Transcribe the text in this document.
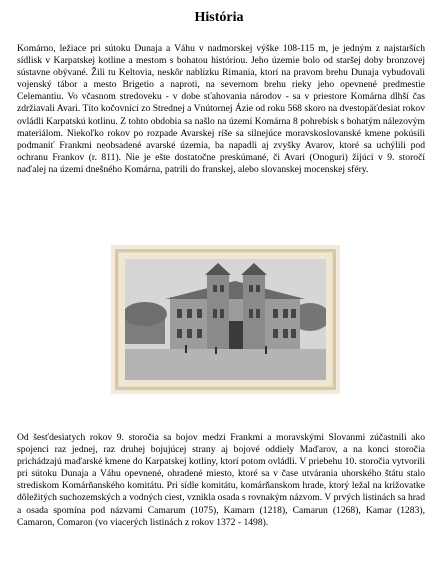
História
Komárno, ležiace pri sútoku Dunaja a Váhu v nadmorskej výške 108-115 m, je jedným z najstarších sídlisk v Karpatskej kotline a mestom s bohatou históriou. Jeho územie bolo od staršej doby bronzovej sústavne obývané. Žili tu Keltovia, neskôr nablízku Rimania, ktorí na pravom brehu Dunaja vybudovali vojenský tábor a mesto Brigetio a naproti, na severnom brehu rieky jeho opevnené predmestie Celemantiu. Vo včasnom stredoveku - v dobe sťahovania národov - sa v priestore Komárna dlhší čas zdržiavali Avari. Títo kočovníci zo Strednej a Vnútornej Ázie od roku 568 skoro na dvestopäťdesiat rokov ovládli Karpatskú kotlinu. Z tohto obdobia sa našlo na území Komárna 8 pohrebísk s bohatým nálezovým materiálom. Niekoľko rokov po rozpade Avarskej ríše sa silnejúce moravskoslovanské kmene pokúsili podmaniť Frankmi neobsadené avarské územia, ba napadli aj zvyšky Avarov, ktoré sa uchýlili pod ochranu Frankov (r. 811). Nie je ešte dostatočne preskúmané, či Avari (Onoguri) žijúci v 9. storočí naďalej na území dnešného Komárna, patrili do franskej, alebo slovanskej mocenskej sféry.
Od šesťdesiatych rokov 9. storočia sa bojov medzi Frankmi a moravskými Slovanmi zúčastnili ako spojenci raz jednej, raz druhej bojujúcej strany aj bojové oddiely Maďarov, a na konci storočia prichádzajú maďarské kmene do Karpatskej kotliny, ktorí potom ovládli. V priebehu 10. storočia vytvorili pri sútoku Dunaja a Váhu opevnené, ohradené miesto, ktoré sa v čase utvárania uhorského štátu stalo strediskom Komárňanského komitátu. Pri sídle komitátu, komárňanskom hrade, ktorý ležal na križovatke dôležitých suchozemských a vodných ciest, vznikla osada s rovnakým názvom. V prvých listinách sa hrad a osada spomína pod názvami Camarum (1075), Kamarn (1218), Camarun (1268), Kamar (1283), Camaron, Comaron (vo viacerých listinách z rokov 1372 - 1498).
